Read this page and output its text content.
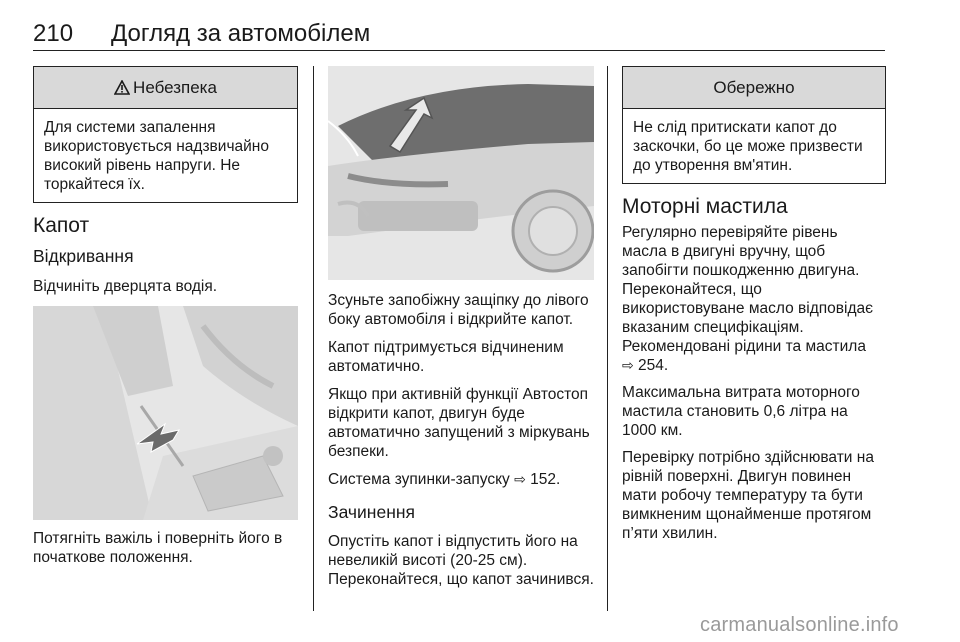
210 Догляд за автомобілем
Небезпека
Для системи запалення використовується надзвичайно високий рівень напруги. Не торкайтеся їх.
Капот
Відкривання

Відчиніть дверцята водія.

Потягніть важіль і поверніть його в початкове положення.

Зсуньте запобіжну защіпку до лівого боку автомобіля і відкрийте капот.

Капот підтримується відчиненим автоматично.

Якщо при активній функції Автостоп відкрити капот, двигун буде автоматично запущений з міркувань безпеки.

Система зупинки-запуску ⇨ 152.

Зачинення

Опустіть капот і відпустить його на невеликій висоті (20-25 см). Переконайтеся, що капот зачинився.

Обережно
Не слід притискати капот до заскочки, бо це може призвести до утворення вм'ятин.
Моторні мастила

Регулярно перевіряйте рівень масла в двигуні вручну, щоб запобігти пошкодженню двигуна.

Переконайтеся, що використовуване масло відповідає вказаним специфікаціям.

Рекомендовані рідини та мастила
⇨ 254.

Максимальна витрата моторного мастила становить 0,6 літра на 1000 км.

Перевірку потрібно здійснювати на рівній поверхні. Двигун повинен мати робочу температуру та бути вимкненим щонайменше протягом п’яти хвилин.

carmanualsonline.info
